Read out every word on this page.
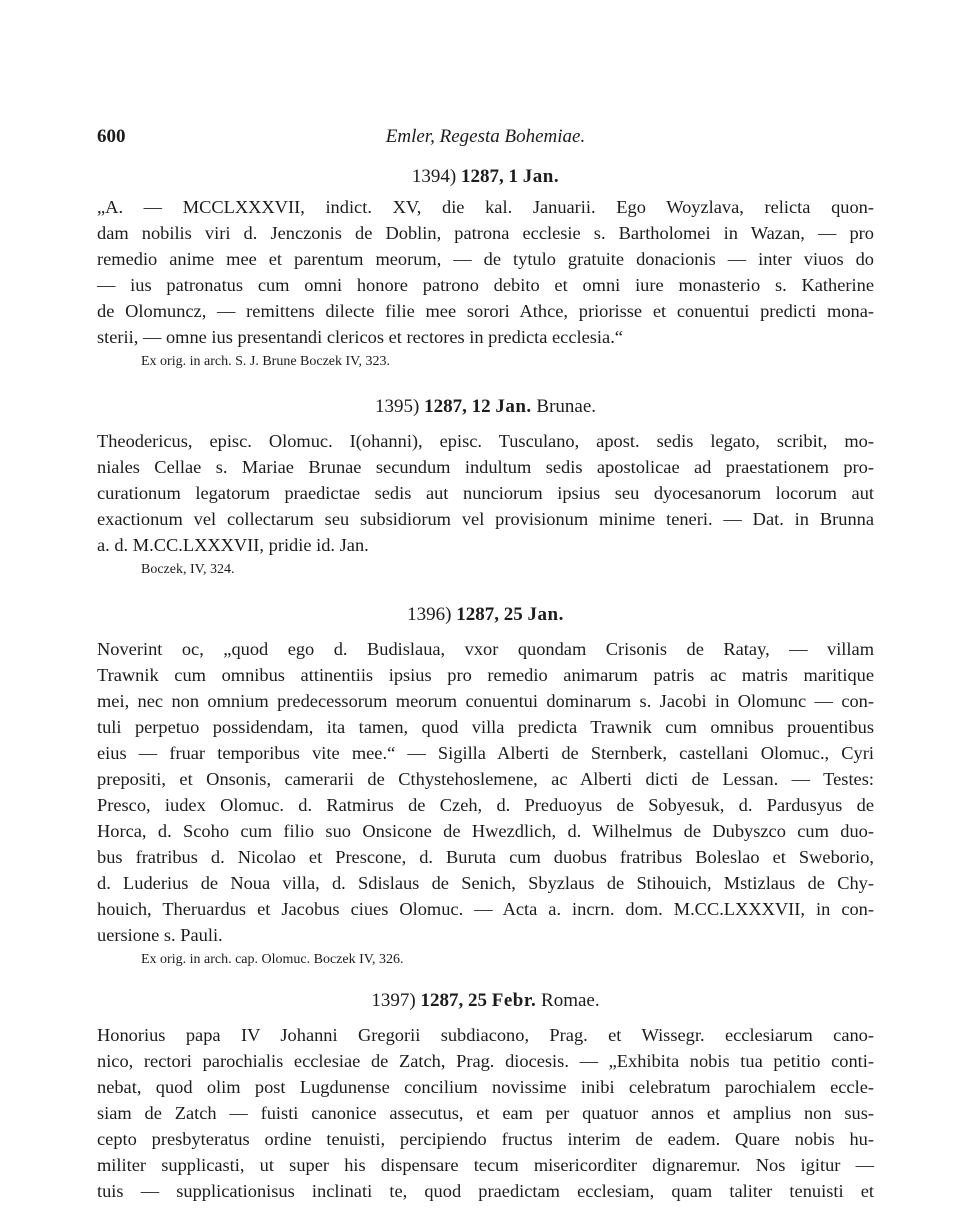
600	Emler, Regesta Bohemiae.

1394) 1287, 1 Jan.

„A. — MCCLXXXVII, indict. XV, die kal. Januarii. Ego Woyzlava, relicta quon-
dam nobilis viri d. Jenczonis de Doblin, patrona ecclesie s. Bartholomei in Wazan, — pro
remedio anime mee et parentum meorum, — de tytulo gratuite donacionis — inter viuos do
— ius patronatus cum omni honore patrono debito et omni iure monasterio s. Katherine
de Olomuncz, — remittens dilecte filie mee sorori Athce, priorisse et conuentui predicti mona-
sterii, — omne ius presentandi clericos et rectores in predicta ecclesia.“

Ex orig. in arch. S. J. Brune Boczek IV, 323.

1395) 1287, 12 Jan. Brunae.

Theodericus, episc. Olomuc. I(ohanni), episc. Tusculano, apost. sedis legato, scribit, mo-
niales Cellae s. Mariae Brunae secundum indultum sedis apostolicae ad praestationem pro-
curationum legatorum praedictae sedis aut nunciorum ipsius seu dyocesanorum locorum aut
exactionum vel collectarum seu subsidiorum vel provisionum minime teneri. — Dat. in Brunna
a. d. M.CC.LXXXVII, pridie id. Jan.

Boczek, IV, 324.

1396) 1287, 25 Jan.

Noverint oc, „quod ego d. Budislaua, vxor quondam Crisonis de Ratay, — villam
Trawnik cum omnibus attinentiis ipsius pro remedio animarum patris ac matris maritique
mei, nec non omnium predecessorum meorum conuentui dominarum s. Jacobi in Olomunc — con-
tuli perpetuo possidendam, ita tamen, quod villa predicta Trawnik cum omnibus prouentibus
eius — fruar temporibus vite mee.“ — Sigilla Alberti de Sternberk, castellani Olomuc., Cyri
prepositi, et Onsonis, camerarii de Cthystehoslemene, ac Alberti dicti de Lessan. — Testes:
Presco, iudex Olomuc. d. Ratmirus de Czeh, d. Preduoyus de Sobyesuk, d. Pardusyus de
Horca, d. Scoho cum filio suo Onsicone de Hwezdlich, d. Wilhelmus de Dubyszco cum duo-
bus fratribus d. Nicolao et Prescone, d. Buruta cum duobus fratribus Boleslao et Sweborio,
d. Luderius de Noua villa, d. Sdislaus de Senich, Sbyzlaus de Stihouich, Mstizlaus de Chy-
houich, Theruardus et Jacobus ciues Olomuc. — Acta a. incrn. dom. M.CC.LXXXVII, in con-
uersione s. Pauli.

Ex orig. in arch. cap. Olomuc. Boczek IV, 326.

1397) 1287, 25 Febr. Romae.

Honorius papa IV Johanni Gregorii subdiacono, Prag. et Wissegr. ecclesiarum cano-
nico, rectori parochialis ecclesiae de Zatch, Prag. diocesis. — „Exhibita nobis tua petitio conti-
nebat, quod olim post Lugdunense concilium novissime inibi celebratum parochialem eccle-
siam de Zatch — fuisti canonice assecutus, et eam per quatuor annos et amplius non sus-
cepto presbyteratus ordine tenuisti, percipiendo fructus interim de eadem. Quare nobis hu-
militer supplicasti, ut super his dispensare tecum misericorditer dignaremur. Nos igitur —
tuis — supplicationisus inclinati te, quod praedictam ecclesiam, quam taliter tenuisti et
